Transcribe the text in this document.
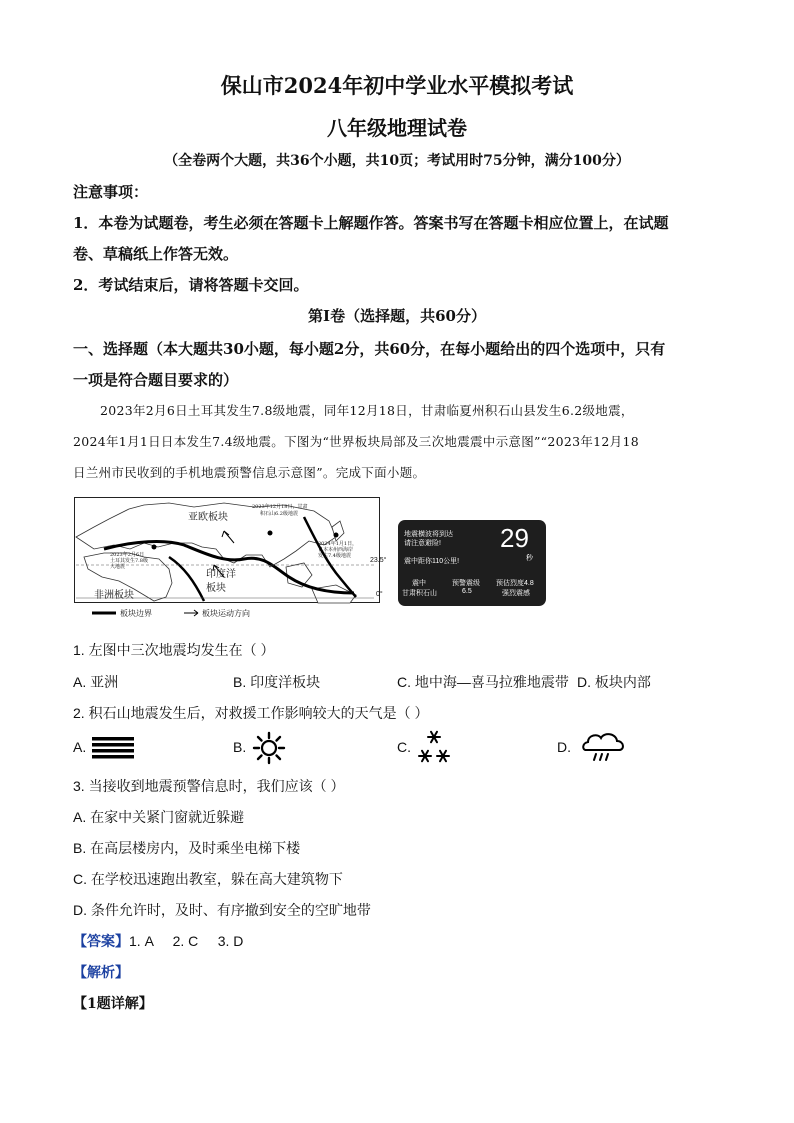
保山市2024年初中学业水平模拟考试
八年级地理试卷
（全卷两个大题，共36个小题，共10页；考试用时75分钟，满分100分）
注意事项：
1．本卷为试题卷，考生必须在答题卡上解题作答。答案书写在答题卡相应位置上，在试题
卷、草稿纸上作答无效。
2．考试结束后，请将答题卡交回。
第Ⅰ卷（选择题，共60分）
一、选择题（本大题共30小题，每小题2分，共60分，在每小题给出的四个选项中，只有
一项是符合题目要求的）
2023年2月6日土耳其发生7.8级地震，同年12月18日，甘肃临夏州积石山县发生6.2级地震，
2024年1月1日日本发生7.4级地震。下图为“世界板块局部及三次地震震中示意图”“2023年12月18
日兰州市民收到的手机地震预警信息示意图”。完成下面小题。
亚欧板块
2023年12月18日，甘肃
积石山6.2级地震
2024年1月1日，
日本本州西海岸
发生7.4级地震
2023年2月6日
土耳其发生7.8级
大地震
印度洋
板块
非洲板块
23.5°
0°
板块边界	板块运动方向
地震横波将到达
请注意避险! 29
秒
震中距你110公里!
震中
甘肃积石山
预警震级
6.5
预估烈度4.8
强烈震感
1. 左图中三次地震均发生在（ ）
A. 亚洲	B. 印度洋板块	C. 地中海—喜马拉雅地震带 D. 板块内部
2. 积石山地震发生后，对救援工作影响较大的天气是（ ）
A.	B.	C.	D.
3. 当接收到地震预警信息时，我们应该（ ）
A. 在家中关紧门窗就近躲避
B. 在高层楼房内，及时乘坐电梯下楼
C. 在学校迅速跑出教室，躲在高大建筑物下
D. 条件允许时，及时、有序撤到安全的空旷地带
【答案】1. A     2. C     3. D
【解析】
【1题详解】
